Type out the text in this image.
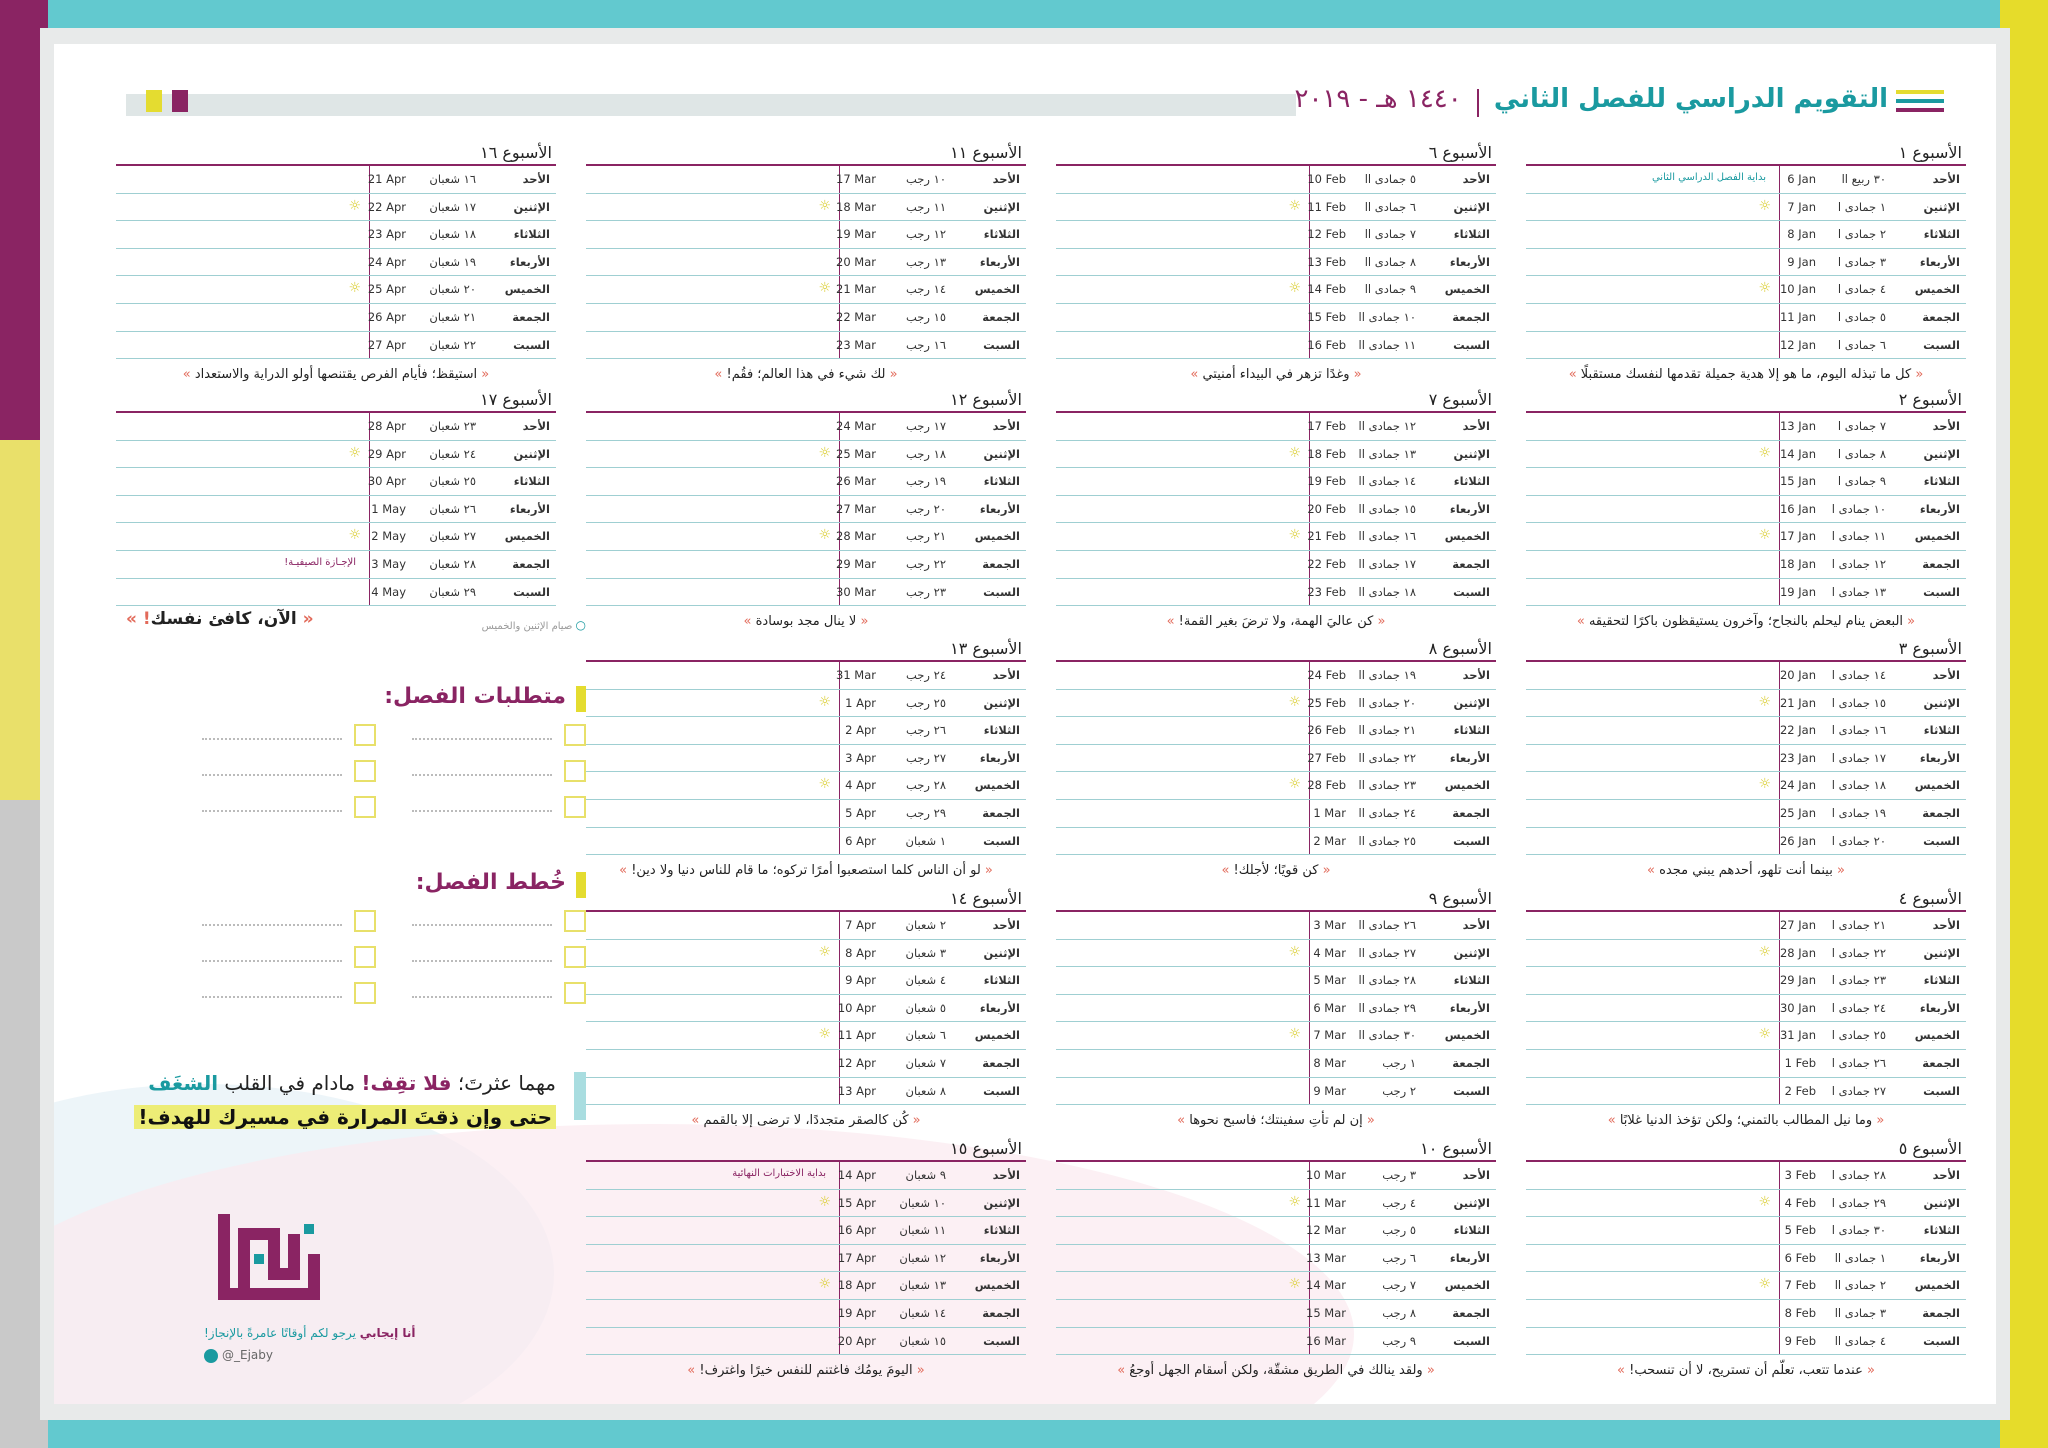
التقويم الدراسي للفصل الثاني  ١٤٤٠ هـ - ٢٠١٩
الأسبوع ١
الأحد
٣٠ ربيع ll
6 Jan
بداية الفصل الدراسي الثاني
الإثنين
١ جمادى l
7 Jan
☼
الثلاثاء
٢ جمادى l
8 Jan
الأربعاء
٣ جمادى l
9 Jan
الخميس
٤ جمادى l
10 Jan
☼
الجمعة
٥ جمادى l
11 Jan
السبت
٦ جمادى l
12 Jan
« كل ما تبذله اليوم، ما هو إلا هدية جميلة تقدمها لنفسك مستقبلًا »
الأسبوع ٢
الأحد
٧ جمادى l
13 Jan
الإثنين
٨ جمادى l
14 Jan
☼
الثلاثاء
٩ جمادى l
15 Jan
الأربعاء
١٠ جمادى l
16 Jan
الخميس
١١ جمادى l
17 Jan
☼
الجمعة
١٢ جمادى l
18 Jan
السبت
١٣ جمادى l
19 Jan
« البعض ينام ليحلم بالنجاح؛ وآخرون يستيقظون باكرًا لتحقيقه »
الأسبوع ٣
الأحد
١٤ جمادى l
20 Jan
الإثنين
١٥ جمادى l
21 Jan
☼
الثلاثاء
١٦ جمادى l
22 Jan
الأربعاء
١٧ جمادى l
23 Jan
الخميس
١٨ جمادى l
24 Jan
☼
الجمعة
١٩ جمادى l
25 Jan
السبت
٢٠ جمادى l
26 Jan
« بينما أنت تلهو، أحدهم يبني مجده »
الأسبوع ٤
الأحد
٢١ جمادى l
27 Jan
الإثنين
٢٢ جمادى l
28 Jan
☼
الثلاثاء
٢٣ جمادى l
29 Jan
الأربعاء
٢٤ جمادى l
30 Jan
الخميس
٢٥ جمادى l
31 Jan
☼
الجمعة
٢٦ جمادى l
1 Feb
السبت
٢٧ جمادى l
2 Feb
« وما نيل المطالب بالتمني؛ ولكن تؤخذ الدنيا غلابًا »
الأسبوع ٥
الأحد
٢٨ جمادى l
3 Feb
الإثنين
٢٩ جمادى l
4 Feb
☼
الثلاثاء
٣٠ جمادى l
5 Feb
الأربعاء
١ جمادى ll
6 Feb
الخميس
٢ جمادى ll
7 Feb
☼
الجمعة
٣ جمادى ll
8 Feb
السبت
٤ جمادى ll
9 Feb
« عندما تتعب، تعلّم أن تستريح، لا أن تنسحب! »
الأسبوع ٦
الأحد
٥ جمادى ll
10 Feb
الإثنين
٦ جمادى ll
11 Feb
☼
الثلاثاء
٧ جمادى ll
12 Feb
الأربعاء
٨ جمادى ll
13 Feb
الخميس
٩ جمادى ll
14 Feb
☼
الجمعة
١٠ جمادى ll
15 Feb
السبت
١١ جمادى ll
16 Feb
« وغدًا تزهر في البيداء أمنيتي »
الأسبوع ٧
الأحد
١٢ جمادى ll
17 Feb
الإثنين
١٣ جمادى ll
18 Feb
☼
الثلاثاء
١٤ جمادى ll
19 Feb
الأربعاء
١٥ جمادى ll
20 Feb
الخميس
١٦ جمادى ll
21 Feb
☼
الجمعة
١٧ جمادى ll
22 Feb
السبت
١٨ جمادى ll
23 Feb
« كن عاليَ الهمة، ولا ترضَ بغير القمة! »
الأسبوع ٨
الأحد
١٩ جمادى ll
24 Feb
الإثنين
٢٠ جمادى ll
25 Feb
☼
الثلاثاء
٢١ جمادى ll
26 Feb
الأربعاء
٢٢ جمادى ll
27 Feb
الخميس
٢٣ جمادى ll
28 Feb
☼
الجمعة
٢٤ جمادى ll
1 Mar
السبت
٢٥ جمادى ll
2 Mar
« كن قويًا؛ لأجلك! »
الأسبوع ٩
الأحد
٢٦ جمادى ll
3 Mar
الإثنين
٢٧ جمادى ll
4 Mar
☼
الثلاثاء
٢٨ جمادى ll
5 Mar
الأربعاء
٢٩ جمادى ll
6 Mar
الخميس
٣٠ جمادى ll
7 Mar
☼
الجمعة
١ رجب
8 Mar
السبت
٢ رجب
9 Mar
« إن لم تأتِ سفينتك؛ فاسبح نحوها »
الأسبوع ١٠
الأحد
٣ رجب
10 Mar
الإثنين
٤ رجب
11 Mar
☼
الثلاثاء
٥ رجب
12 Mar
الأربعاء
٦ رجب
13 Mar
الخميس
٧ رجب
14 Mar
☼
الجمعة
٨ رجب
15 Mar
السبت
٩ رجب
16 Mar
« ولقد ينالك في الطريق مشقّة، ولكن أسقام الجهل أوجعُ »
الأسبوع ١١
الأحد
١٠ رجب
17 Mar
الإثنين
١١ رجب
18 Mar
☼
الثلاثاء
١٢ رجب
19 Mar
الأربعاء
١٣ رجب
20 Mar
الخميس
١٤ رجب
21 Mar
☼
الجمعة
١٥ رجب
22 Mar
السبت
١٦ رجب
23 Mar
« لك شيء في هذا العالم؛ فقُم! »
الأسبوع ١٢
الأحد
١٧ رجب
24 Mar
الإثنين
١٨ رجب
25 Mar
☼
الثلاثاء
١٩ رجب
26 Mar
الأربعاء
٢٠ رجب
27 Mar
الخميس
٢١ رجب
28 Mar
☼
الجمعة
٢٢ رجب
29 Mar
السبت
٢٣ رجب
30 Mar
« لا ينال مجد بوسادة »
الأسبوع ١٣
الأحد
٢٤ رجب
31 Mar
الإثنين
٢٥ رجب
1 Apr
☼
الثلاثاء
٢٦ رجب
2 Apr
الأربعاء
٢٧ رجب
3 Apr
الخميس
٢٨ رجب
4 Apr
☼
الجمعة
٢٩ رجب
5 Apr
السبت
١ شعبان
6 Apr
« لو أن الناس كلما استصعبوا أمرًا تركوه؛ ما قام للناس دنيا ولا دين! »
الأسبوع ١٤
الأحد
٢ شعبان
7 Apr
الإثنين
٣ شعبان
8 Apr
☼
الثلاثاء
٤ شعبان
9 Apr
الأربعاء
٥ شعبان
10 Apr
الخميس
٦ شعبان
11 Apr
☼
الجمعة
٧ شعبان
12 Apr
السبت
٨ شعبان
13 Apr
« كُن كالصقر متجددًا، لا ترضى إلا بالقمم »
الأسبوع ١٥
الأحد
٩ شعبان
14 Apr
بداية الاختبارات النهائية
الإثنين
١٠ شعبان
15 Apr
☼
الثلاثاء
١١ شعبان
16 Apr
الأربعاء
١٢ شعبان
17 Apr
الخميس
١٣ شعبان
18 Apr
☼
الجمعة
١٤ شعبان
19 Apr
السبت
١٥ شعبان
20 Apr
« اليومَ يومُك فاغتنم للنفس خيرًا واغترف! »
الأسبوع ١٦
الأحد
١٦ شعبان
21 Apr
الإثنين
١٧ شعبان
22 Apr
☼
الثلاثاء
١٨ شعبان
23 Apr
الأربعاء
١٩ شعبان
24 Apr
الخميس
٢٠ شعبان
25 Apr
☼
الجمعة
٢١ شعبان
26 Apr
السبت
٢٢ شعبان
27 Apr
« استيقظ؛ فأيام الفرص يقتنصها أولو الدراية والاستعداد »
الأسبوع ١٧
الأحد
٢٣ شعبان
28 Apr
الإثنين
٢٤ شعبان
29 Apr
☼
الثلاثاء
٢٥ شعبان
30 Apr
الأربعاء
٢٦ شعبان
1 May
الخميس
٢٧ شعبان
2 May
☼
الجمعة
٢٨ شعبان
3 May
الإجـازة الصيفيـة!
السبت
٢٩ شعبان
4 May
○ صيام الإثنين والخميس
« الآن، كافئ نفسك! »
متطلبات الفصل:
خُطط الفصل:
مهما عثرتَ؛ فلا تقِف! مادام في القلب الشغَف
حتى وإن ذقتَ المرارة في مسيرك للهدف!
أنا إيجابي يرجو لكم أوقاتًا عامرةً بالإنجاز!
@_Ejaby
